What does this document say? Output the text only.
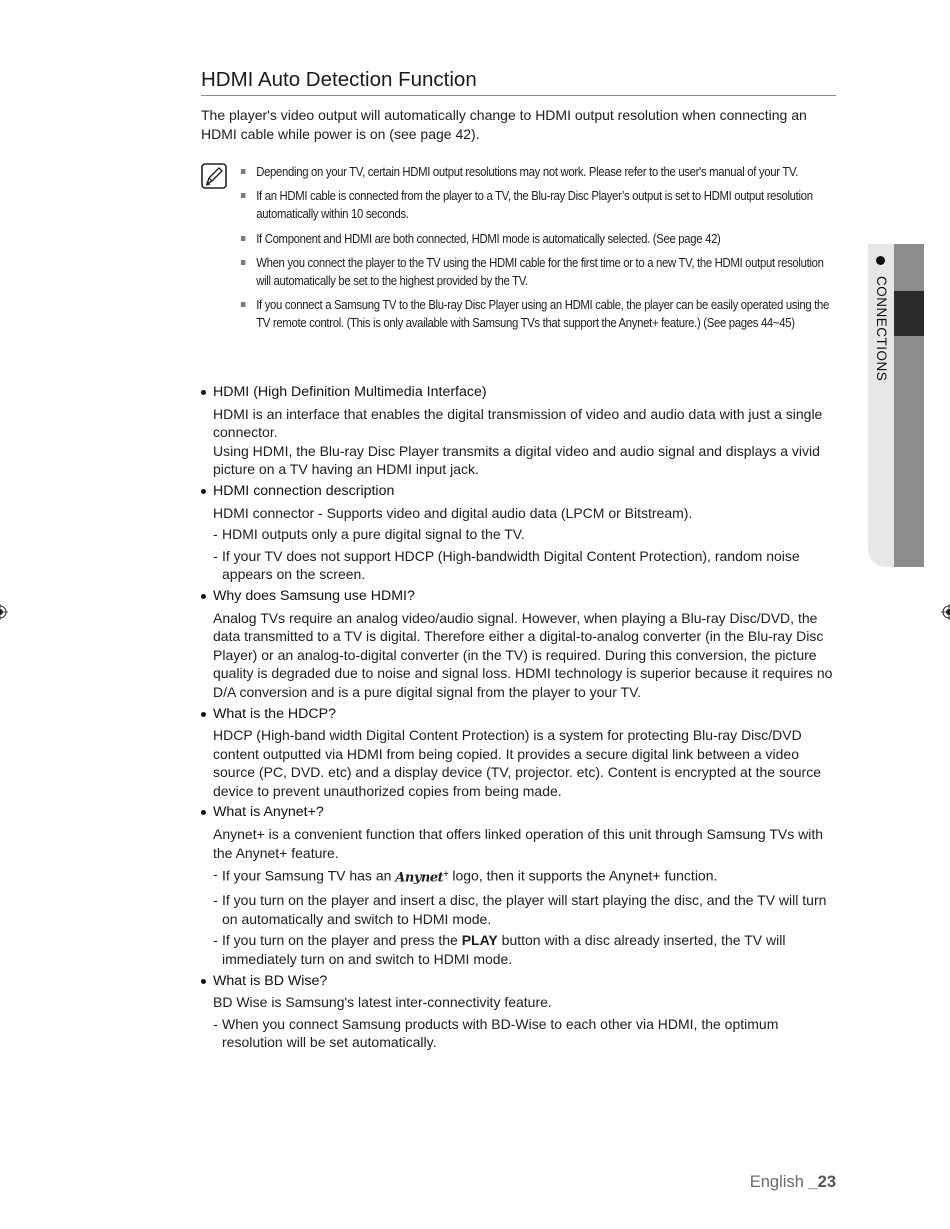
HDMI Auto Detection Function

The player's video output will automatically change to HDMI output resolution when connecting an HDMI cable while power is on (see page 42).

Depending on your TV, certain HDMI output resolutions may not work. Please refer to the user's manual of your TV.
If an HDMI cable is connected from the player to a TV, the Blu-ray Disc Player’s output is set to HDMI output resolution automatically within 10 seconds.
If Component and HDMI are both connected, HDMI mode is automatically selected. (See page 42)
When you connect the player to the TV using the HDMI cable for the first time or to a new TV, the HDMI output resolution will automatically be set to the highest provided by the TV.
If you connect a Samsung TV to the Blu-ray Disc Player using an HDMI cable, the player can be easily operated using the TV remote control. (This is only available with Samsung TVs that support the Anynet+ feature.) (See pages 44~45)

HDMI (High Definition Multimedia Interface)

HDMI is an interface that enables the digital transmission of video and audio data with just a single connector.

Using HDMI, the Blu-ray Disc Player transmits a digital video and audio signal and displays a vivid picture on a TV having an HDMI input jack.

HDMI connection description

HDMI connector - Supports video and digital audio data (LPCM or Bitstream).

- HDMI outputs only a pure digital signal to the TV.

- If your TV does not support HDCP (High-bandwidth Digital Content Protection), random noise appears on the screen.

Why does Samsung use HDMI?

Analog TVs require an analog video/audio signal. However, when playing a Blu-ray Disc/DVD, the data transmitted to a TV is digital. Therefore either a digital-to-analog converter (in the Blu-ray Disc Player) or an analog-to-digital converter (in the TV) is required. During this conversion, the picture quality is degraded due to noise and signal loss. HDMI technology is superior because it requires no D/A conversion and is a pure digital signal from the player to your TV.

What is the HDCP?

HDCP (High-band width Digital Content Protection) is a system for protecting Blu-ray Disc/DVD content outputted via HDMI from being copied. It provides a secure digital link between a video source (PC, DVD. etc) and a display device (TV, projector. etc). Content is encrypted at the source device to prevent unauthorized copies from being made.

What is Anynet+?

Anynet+ is a convenient function that offers linked operation of this unit through Samsung TVs with the Anynet+ feature.

- If your Samsung TV has an Anynet+ logo, then it supports the Anynet+ function.

- If you turn on the player and insert a disc, the player will start playing the disc, and the TV will turn on automatically and switch to HDMI mode.

- If you turn on the player and press the PLAY button with a disc already inserted, the TV will immediately turn on and switch to HDMI mode.

What is BD Wise?

BD Wise is Samsung's latest inter-connectivity feature.

- When you connect Samsung products with BD-Wise to each other via HDMI, the optimum resolution will be set automatically.

CONNECTIONS
English _23
